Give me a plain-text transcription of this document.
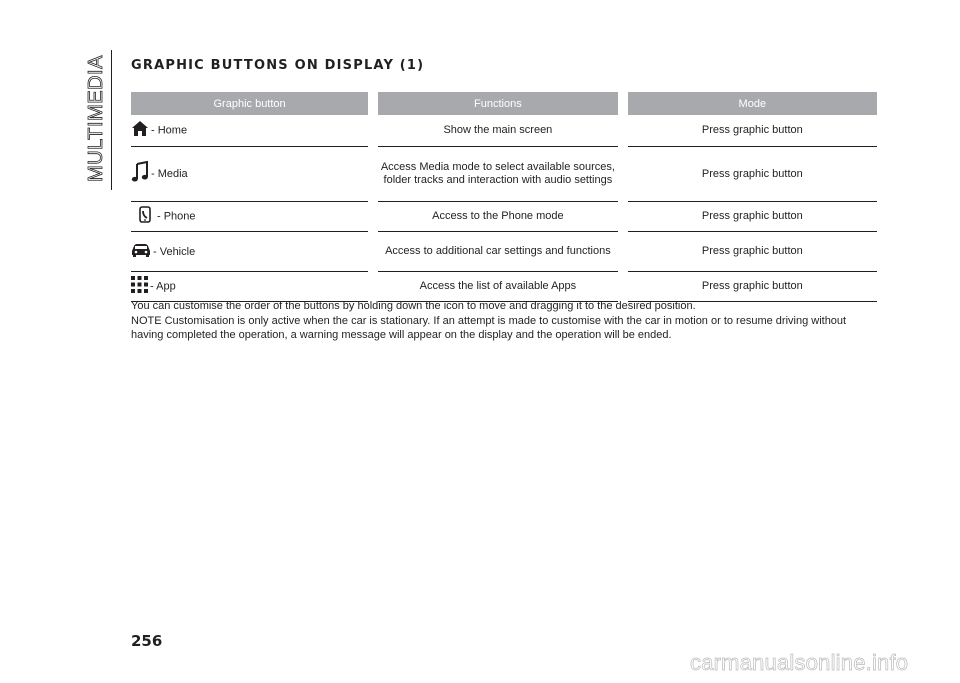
MULTIMEDIA GRAPHIC BUTTONS ON DISPLAY (1)
Graphic button		Functions		Mode
- Home		Show the main screen		Press graphic button
- Media		Access Media mode to select available sources, folder tracks and interaction with audio settings		Press graphic button
- Phone		Access to the Phone mode		Press graphic button
- Vehicle		Access to additional car settings and functions		Press graphic button
- App		Access the list of available Apps		Press graphic button

You can customise the order of the buttons by holding down the icon to move and dragging it to the desired position.

NOTE Customisation is only active when the car is stationary. If an attempt is made to customise with the car in motion or to resume driving without having completed the operation, a warning message will appear on the display and the operation will be ended.

256
carmanualsonline.info
